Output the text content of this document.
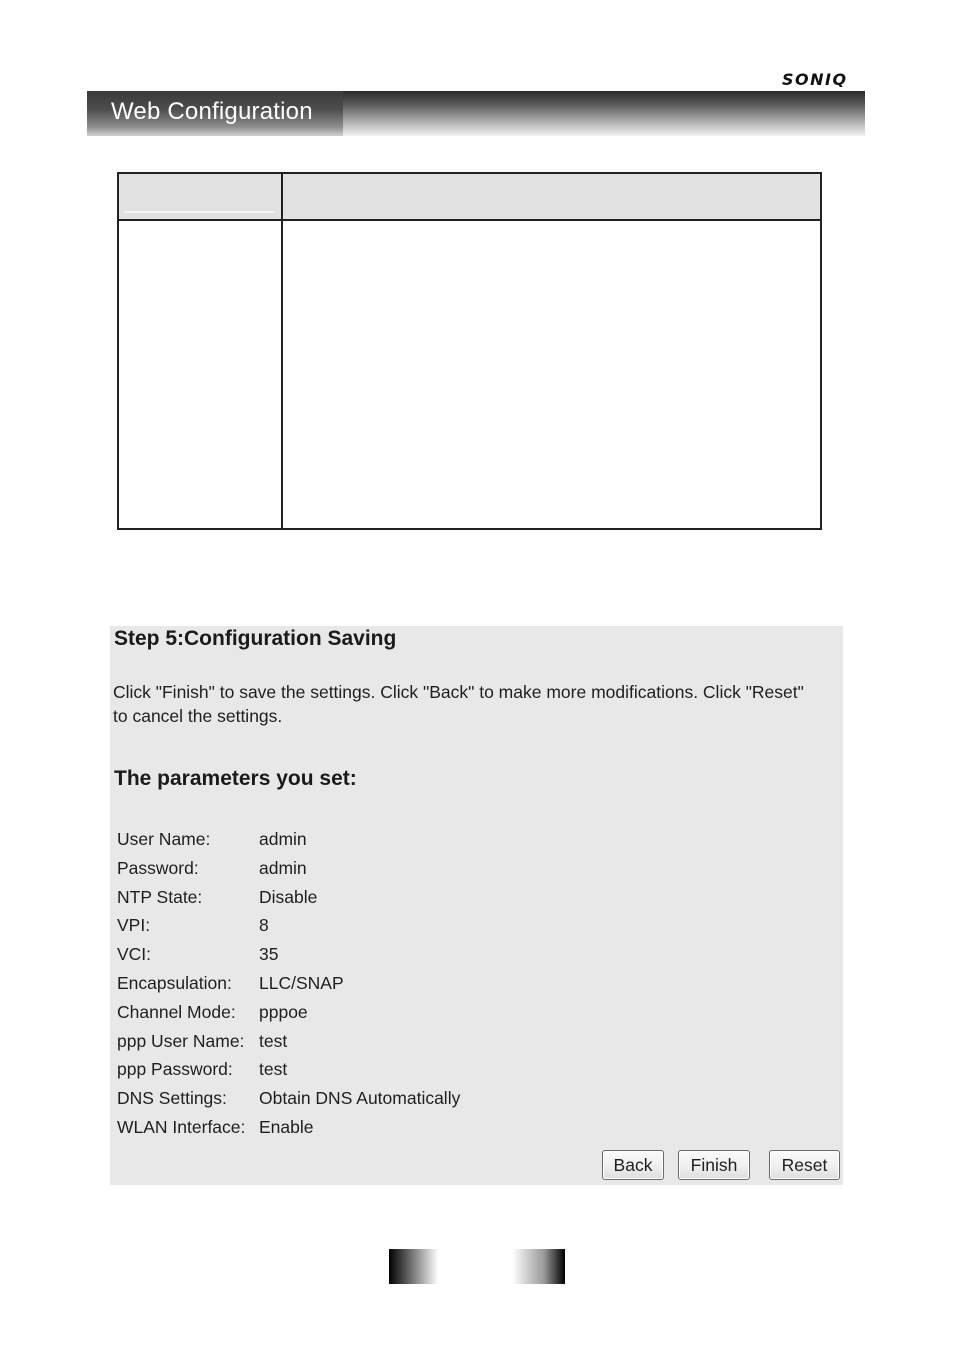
Web Configuration
SONIQ
Step 5:Configuration Saving
Click "Finish" to save the settings. Click "Back" to make more modifications. Click "Reset" to cancel the settings.
The parameters you set:
User Name:	admin
Password:	admin
NTP State:	Disable
VPI:	8
VCI:	35
Encapsulation: LLC/SNAP
Channel Mode: pppoe
ppp User Name: test
ppp Password: test
DNS Settings: Obtain DNS Automatically
WLAN Interface: Enable
Back	Finish	Reset
